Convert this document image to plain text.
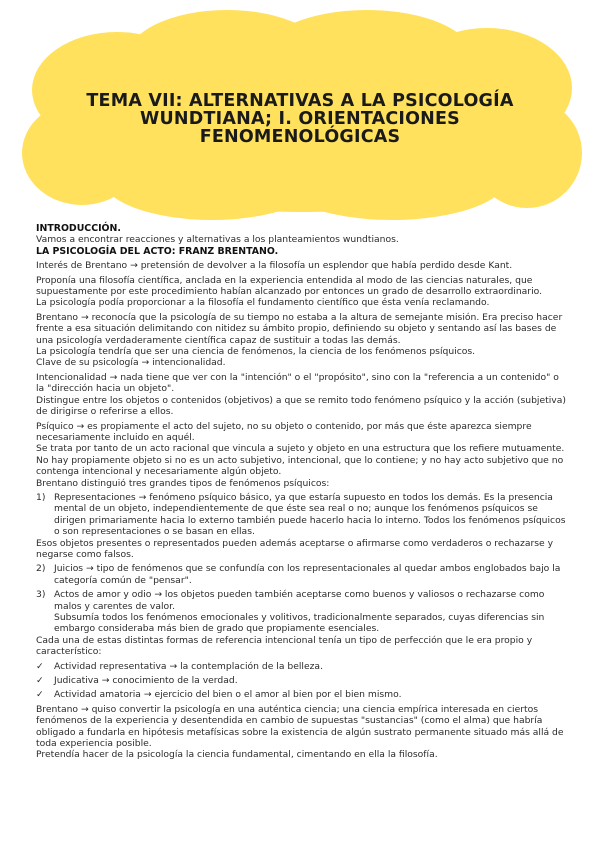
TEMA VII: ALTERNATIVAS A LA PSICOLOGÍA WUNDTIANA; I. ORIENTACIONES FENOMENOLÓGICAS

INTRODUCCIÓN.

Vamos a encontrar reacciones y alternativas a los planteamientos wundtianos.

LA PSICOLOGÍA DEL ACTO: FRANZ BRENTANO.

Interés de Brentano → pretensión de devolver a la filosofía un esplendor que había perdido desde Kant.

Proponía una filosofía científica, anclada en la experiencia entendida al modo de las ciencias naturales, que supuestamente por este procedimiento habían alcanzado por entonces un grado de desarrollo extraordinario.

La psicología podía proporcionar a la filosofía el fundamento científico que ésta venía reclamando.

Brentano → reconocía que la psicología de su tiempo no estaba a la altura de semejante misión. Era preciso hacer frente a esa situación delimitando con nitidez su ámbito propio, definiendo su objeto y sentando así las bases de una psicología verdaderamente científica capaz de sustituir a todas las demás.

La psicología tendría que ser una ciencia de fenómenos, la ciencia de los fenómenos psíquicos.

Clave de su psicología → intencionalidad.

Intencionalidad → nada tiene que ver con la "intención" o el "propósito", sino con la "referencia a un contenido" o la "dirección hacia un objeto".

Distingue entre los objetos o contenidos (objetivos) a que se remito todo fenómeno psíquico y la acción (subjetiva) de dirigirse o referirse a ellos.

Psíquico → es propiamente el acto del sujeto, no su objeto o contenido, por más que éste aparezca siempre necesariamente incluido en aquél.

Se trata por tanto de un acto racional que vincula a sujeto y objeto en una estructura que los refiere mutuamente. No hay propiamente objeto si no es un acto subjetivo, intencional, que lo contiene; y no hay acto subjetivo que no contenga intencional y necesariamente algún objeto.

Brentano distinguió tres grandes tipos de fenómenos psíquicos:

1) Representaciones → fenómeno psíquico básico, ya que estaría supuesto en todos los demás. Es la presencia mental de un objeto, independientemente de que éste sea real o no; aunque los fenómenos psíquicos se dirigen primariamente hacia lo externo también puede hacerlo hacia lo interno. Todos los fenómenos psíquicos o son representaciones o se basan en ellas.

Esos objetos presentes o representados pueden además aceptarse o afirmarse como verdaderos o rechazarse y negarse como falsos.

2) Juicios → tipo de fenómenos que se confundía con los representacionales al quedar ambos englobados bajo la categoría común de "pensar".
3) Actos de amor y odio → los objetos pueden también aceptarse como buenos y valiosos o rechazarse como malos y carentes de valor.

Subsumía todos los fenómenos emocionales y volitivos, tradicionalmente separados, cuyas diferencias sin embargo consideraba más bien de grado que propiamente esenciales.

Cada una de estas distintas formas de referencia intencional tenía un tipo de perfección que le era propio y característico:

✓	Actividad representativa → la contemplación de la belleza.
✓	Judicativa → conocimiento de la verdad.
✓	Actividad amatoria → ejercicio del bien o el amor al bien por el bien mismo.

Brentano → quiso convertir la psicología en una auténtica ciencia; una ciencia empírica interesada en ciertos fenómenos de la experiencia y desentendida en cambio de supuestas "sustancias" (como el alma) que habría obligado a fundarla en hipótesis metafísicas sobre la existencia de algún sustrato permanente situado más allá de toda experiencia posible.

Pretendía hacer de la psicología la ciencia fundamental, cimentando en ella la filosofía.
